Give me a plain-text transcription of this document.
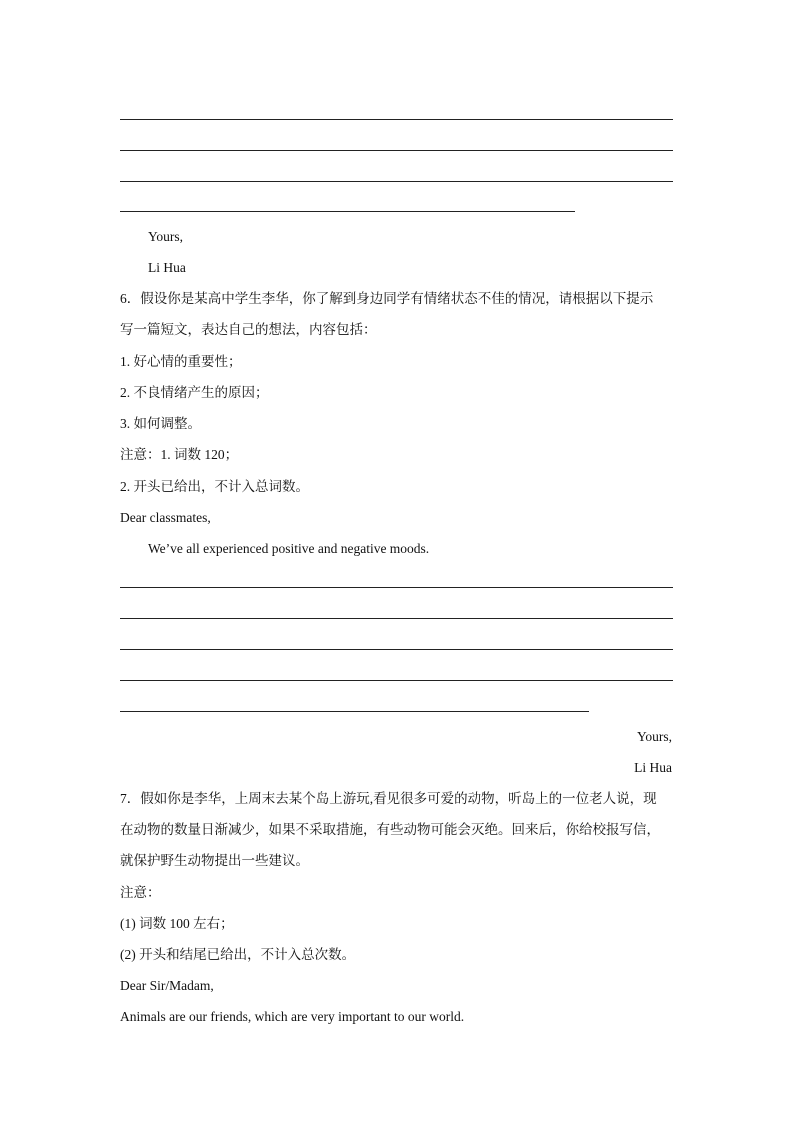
Yours,
Li Hua
6．假设你是某高中学生李华，你了解到身边同学有情绪状态不佳的情况，请根据以下提示
写一篇短文，表达自己的想法，内容包括：
1. 好心情的重要性；
2. 不良情绪产生的原因；
3. 如何调整。
注意：1. 词数 120；
2. 开头已给出，不计入总词数。
Dear classmates,
We’ve all experienced positive and negative moods.
Yours,
Li Hua
7．假如你是李华，上周末去某个岛上游玩,看见很多可爱的动物，听岛上的一位老人说，现
在动物的数量日渐减少，如果不采取措施，有些动物可能会灭绝。回来后，你给校报写信，
就保护野生动物提出一些建议。
注意：
(1) 词数 100 左右；
(2) 开头和结尾已给出，不计入总次数。
Dear Sir/Madam,
Animals are our friends, which are very important to our world.
